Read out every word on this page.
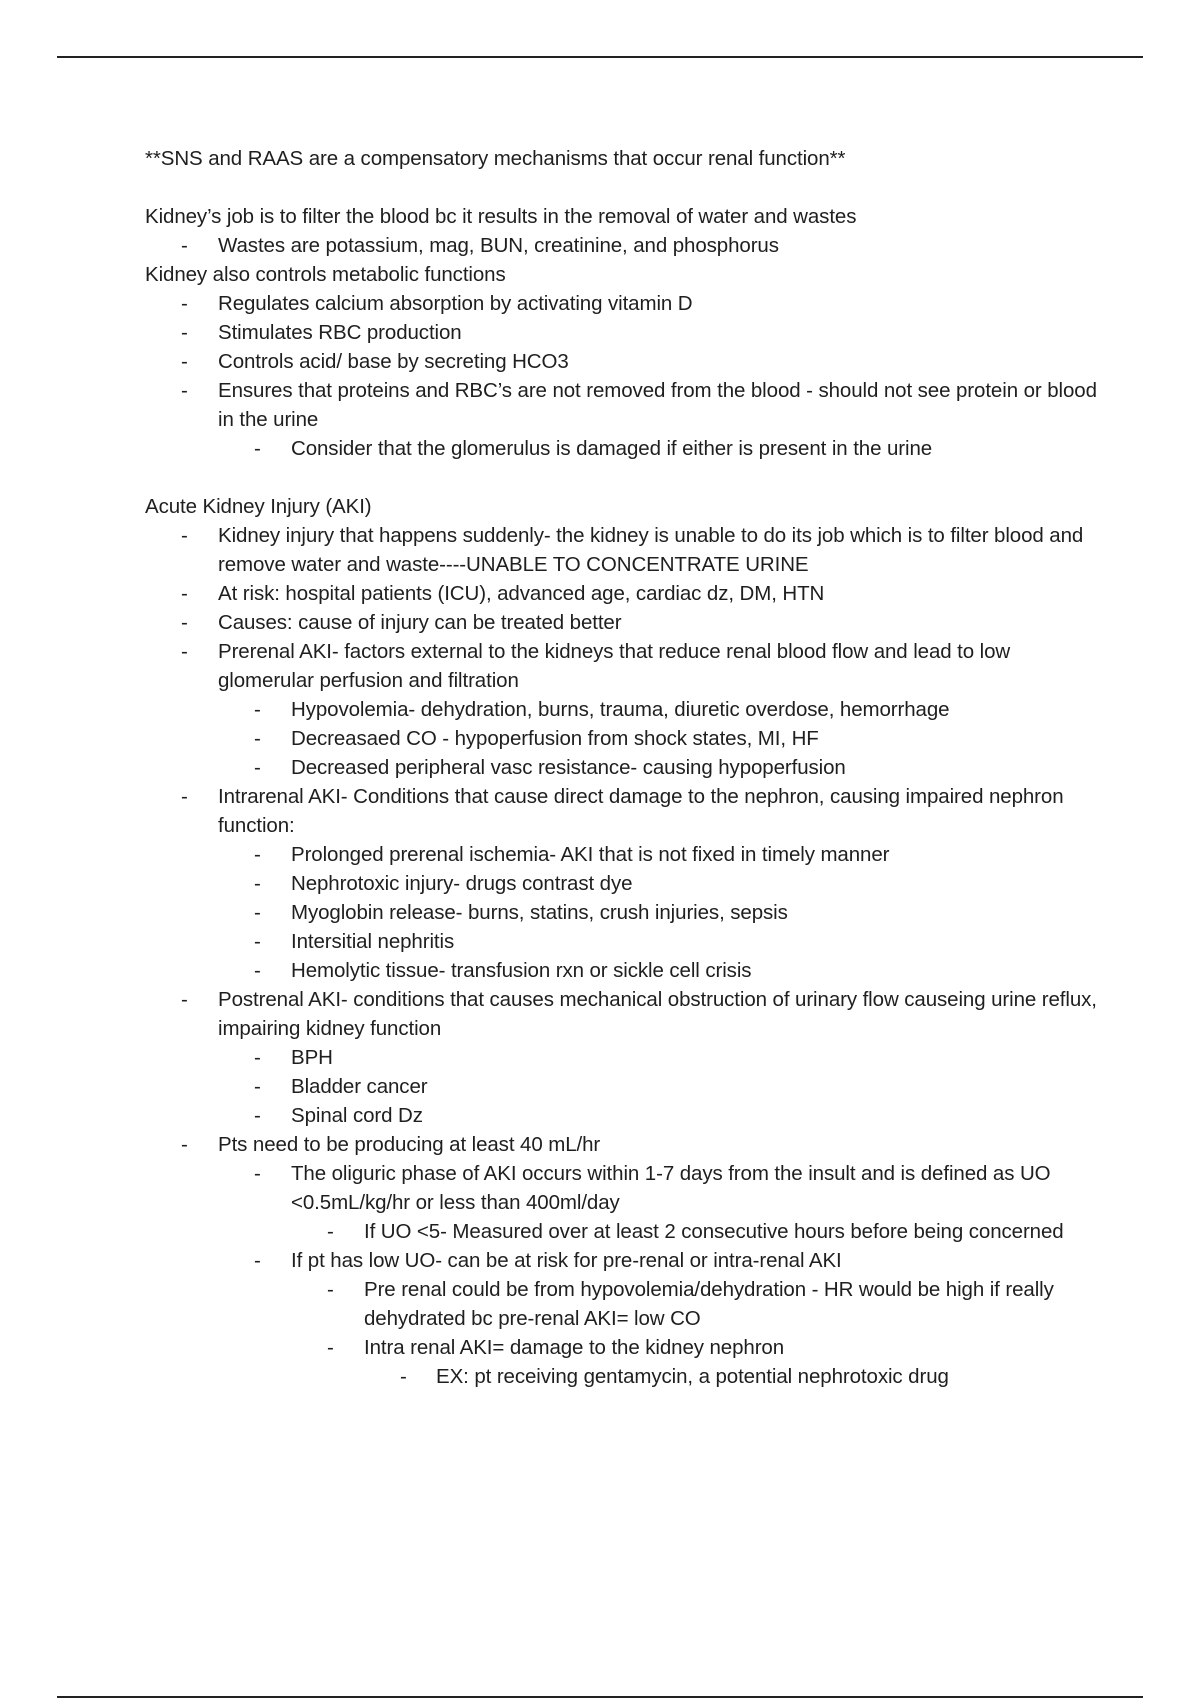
**SNS and RAAS are a compensatory mechanisms that occur renal function**
Kidney’s job is to filter the blood bc it results in the removal of water and wastes
- Wastes are potassium, mag, BUN, creatinine, and phosphorus
Kidney also controls metabolic functions
- Regulates calcium absorption by activating vitamin D
- Stimulates RBC production
- Controls acid/ base by secreting HCO3
- Ensures that proteins and RBC’s are not removed from the blood - should not see protein or blood in the urine
- Consider that the glomerulus is damaged if either is present in the urine
Acute Kidney Injury (AKI)
- Kidney injury that happens suddenly- the kidney is unable to do its job which is to filter blood and remove water and waste----UNABLE TO CONCENTRATE URINE
- At risk: hospital patients (ICU), advanced age, cardiac dz, DM, HTN
- Causes: cause of injury can be treated better
- Prerenal AKI- factors external to the kidneys that reduce renal blood flow and lead to low glomerular perfusion and filtration
- Hypovolemia- dehydration, burns, trauma, diuretic overdose, hemorrhage
- Decreasaed CO - hypoperfusion from shock states, MI, HF
- Decreased peripheral vasc resistance- causing hypoperfusion
- Intrarenal AKI- Conditions that cause direct damage to the nephron, causing impaired nephron function:
- Prolonged prerenal ischemia- AKI that is not fixed in timely manner
- Nephrotoxic injury- drugs contrast dye
- Myoglobin release- burns, statins, crush injuries, sepsis
- Intersitial nephritis
- Hemolytic tissue- transfusion rxn or sickle cell crisis
- Postrenal AKI- conditions that causes mechanical obstruction of urinary flow causeing urine reflux, impairing kidney function
- BPH
- Bladder cancer
- Spinal cord Dz
- Pts need to be producing at least 40 mL/hr
- The oliguric phase of AKI occurs within 1-7 days from the insult and is defined as UO <0.5mL/kg/hr or less than 400ml/day
- If UO <5- Measured over at least 2 consecutive hours before being concerned
- If pt has low UO- can be at risk for pre-renal or intra-renal AKI
- Pre renal could be from hypovolemia/dehydration - HR would be high if really dehydrated bc pre-renal AKI= low CO
- Intra renal AKI= damage to the kidney nephron
- EX: pt receiving gentamycin, a potential nephrotoxic drug
